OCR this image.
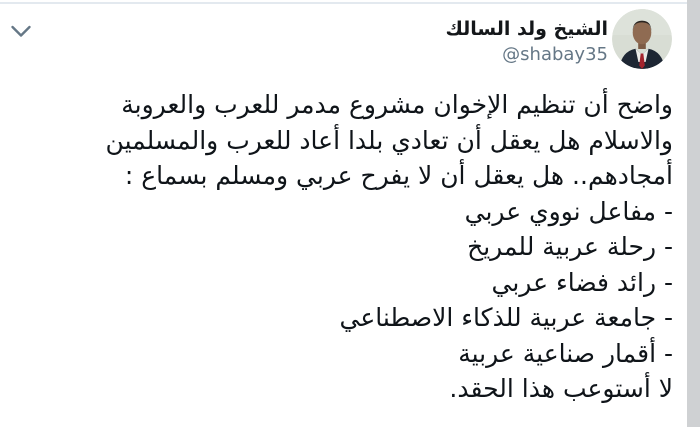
الشيخ ولد السالك
@shabay35
واضح أن تنظيم الإخوان مشروع مدمر للعرب والعروبة
والاسلام هل يعقل أن تعادي بلدا أعاد للعرب والمسلمين
أمجادهم.. هل يعقل أن لا يفرح عربي ومسلم بسماع :
- مفاعل نووي عربي
- رحلة عربية للمريخ
- رائد فضاء عربي
- جامعة عربية للذكاء الاصطناعي
- أقمار صناعية عربية
لا أستوعب هذا الحقد.
